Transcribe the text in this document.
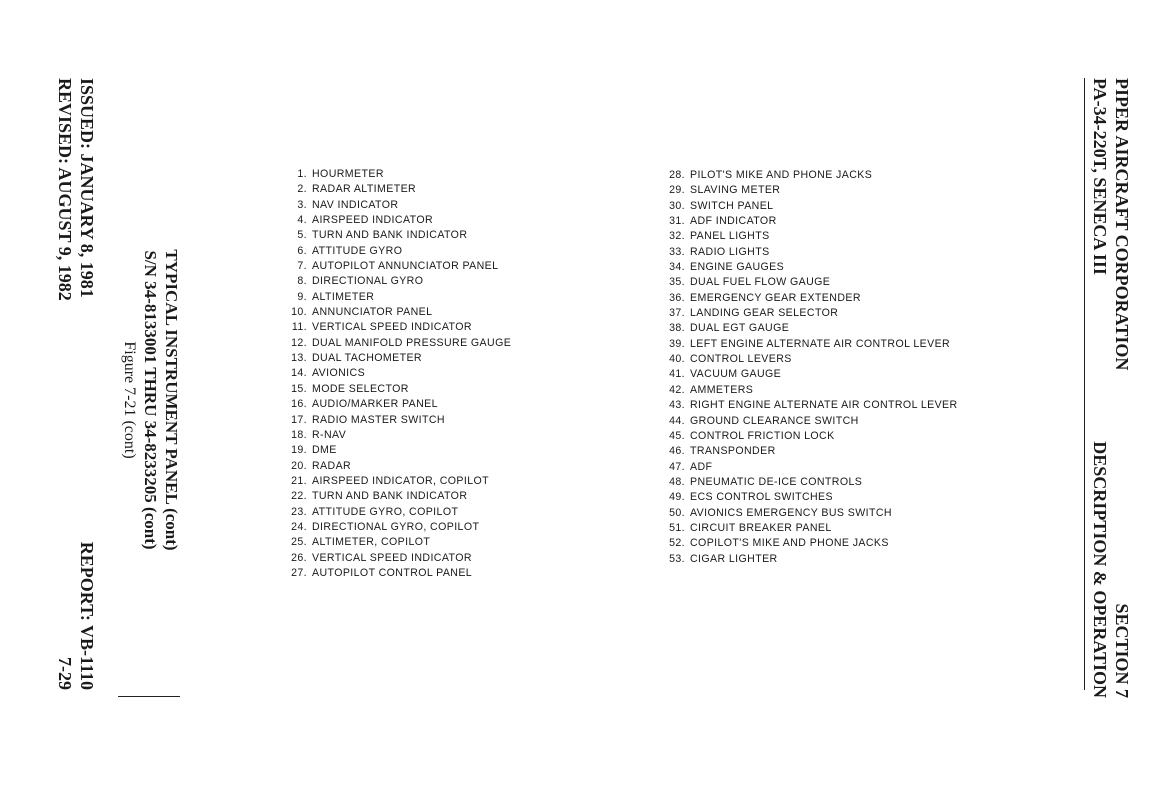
PIPER AIRCRAFT CORPORATION
SECTION 7
PA-34-220T, SENECA III
DESCRIPTION & OPERATION
1. HOURMETER
2. RADAR ALTIMETER
3. NAV INDICATOR
4. AIRSPEED INDICATOR
5. TURN AND BANK INDICATOR
6. ATTITUDE GYRO
7. AUTOPILOT ANNUNCIATOR PANEL
8. DIRECTIONAL GYRO
9. ALTIMETER
10. ANNUNCIATOR PANEL
11. VERTICAL SPEED INDICATOR
12. DUAL MANIFOLD PRESSURE GAUGE
13. DUAL TACHOMETER
14. AVIONICS
15. MODE SELECTOR
16. AUDIO/MARKER PANEL
17. RADIO MASTER SWITCH
18. R-NAV
19. DME
20. RADAR
21. AIRSPEED INDICATOR, COPILOT
22. TURN AND BANK INDICATOR
23. ATTITUDE GYRO, COPILOT
24. DIRECTIONAL GYRO, COPILOT
25. ALTIMETER, COPILOT
26. VERTICAL SPEED INDICATOR
27. AUTOPILOT CONTROL PANEL
28. PILOT'S MIKE AND PHONE JACKS
29. SLAVING METER
30. SWITCH PANEL
31. ADF INDICATOR
32. PANEL LIGHTS
33. RADIO LIGHTS
34. ENGINE GAUGES
35. DUAL FUEL FLOW GAUGE
36. EMERGENCY GEAR EXTENDER
37. LANDING GEAR SELECTOR
38. DUAL EGT GAUGE
39. LEFT ENGINE ALTERNATE AIR CONTROL LEVER
40. CONTROL LEVERS
41. VACUUM GAUGE
42. AMMETERS
43. RIGHT ENGINE ALTERNATE AIR CONTROL LEVER
44. GROUND CLEARANCE SWITCH
45. CONTROL FRICTION LOCK
46. TRANSPONDER
47. ADF
48. PNEUMATIC DE-ICE CONTROLS
49. ECS CONTROL SWITCHES
50. AVIONICS EMERGENCY BUS SWITCH
51. CIRCUIT BREAKER PANEL
52. COPILOT'S MIKE AND PHONE JACKS
53. CIGAR LIGHTER
TYPICAL INSTRUMENT PANEL (cont)
S/N 34-8133001 THRU 34-8233205 (cont)
Figure 7-21 (cont)
ISSUED: JANUARY 8, 1981
REPORT: VB-1110
REVISED: AUGUST 9, 1982
7-29
